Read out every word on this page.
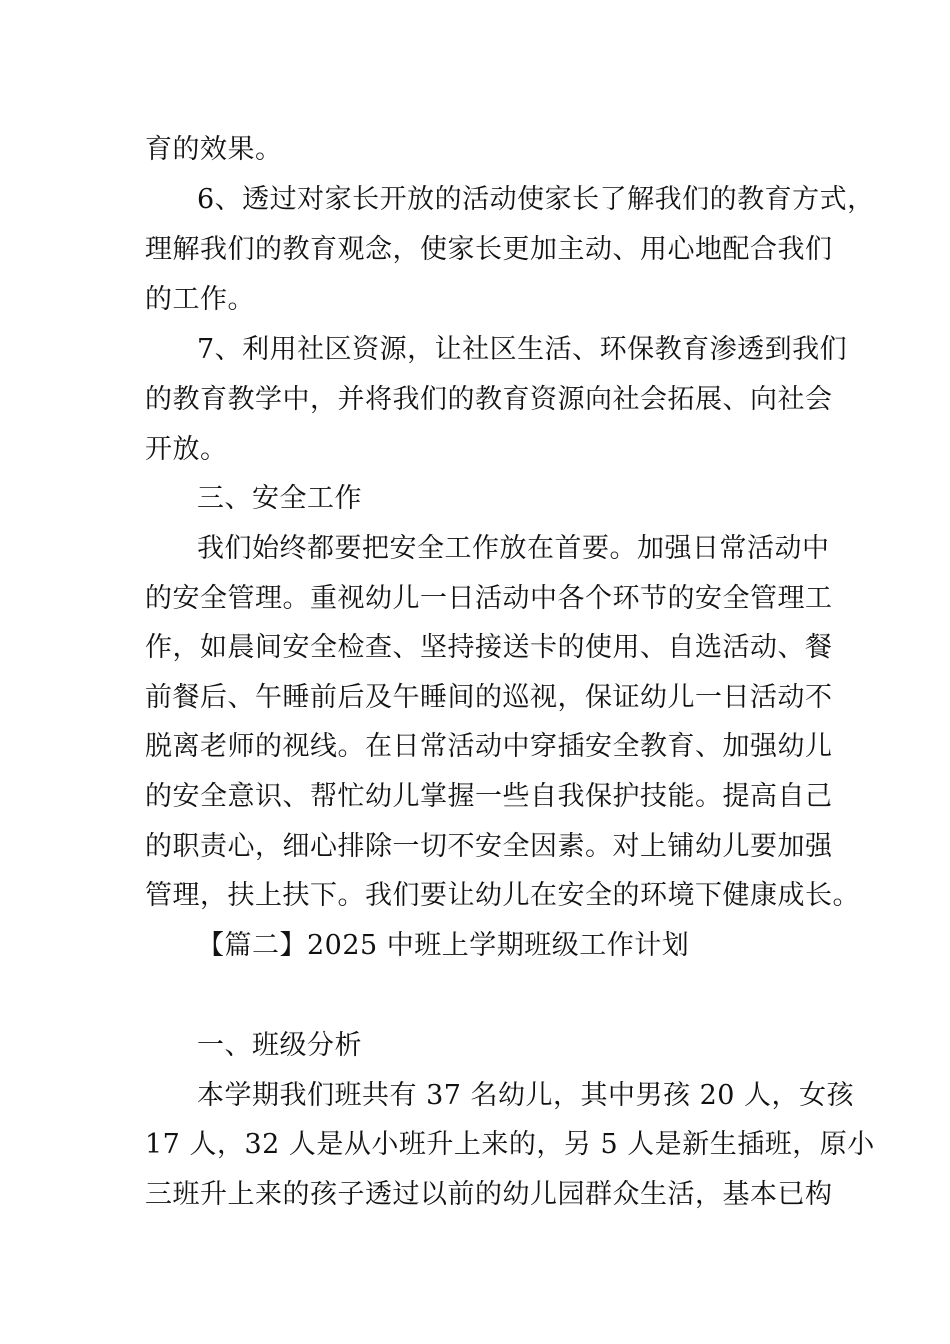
育的效果。

6、透过对家长开放的活动使家长了解我们的教育方式，

理解我们的教育观念，使家长更加主动、用心地配合我们

的工作。

7、利用社区资源，让社区生活、环保教育渗透到我们

的教育教学中，并将我们的教育资源向社会拓展、向社会

开放。

三、安全工作

我们始终都要把安全工作放在首要。加强日常活动中

的安全管理。重视幼儿一日活动中各个环节的安全管理工

作，如晨间安全检查、坚持接送卡的使用、自选活动、餐

前餐后、午睡前后及午睡间的巡视，保证幼儿一日活动不

脱离老师的视线。在日常活动中穿插安全教育、加强幼儿

的安全意识、帮忙幼儿掌握一些自我保护技能。提高自己

的职责心，细心排除一切不安全因素。对上铺幼儿要加强

管理，扶上扶下。我们要让幼儿在安全的环境下健康成长。

【篇二】2025 中班上学期班级工作计划

一、班级分析

本学期我们班共有 37 名幼儿，其中男孩 20 人，女孩

17 人，32 人是从小班升上来的，另 5 人是新生插班，原小

三班升上来的孩子透过以前的幼儿园群众生活，基本已构
